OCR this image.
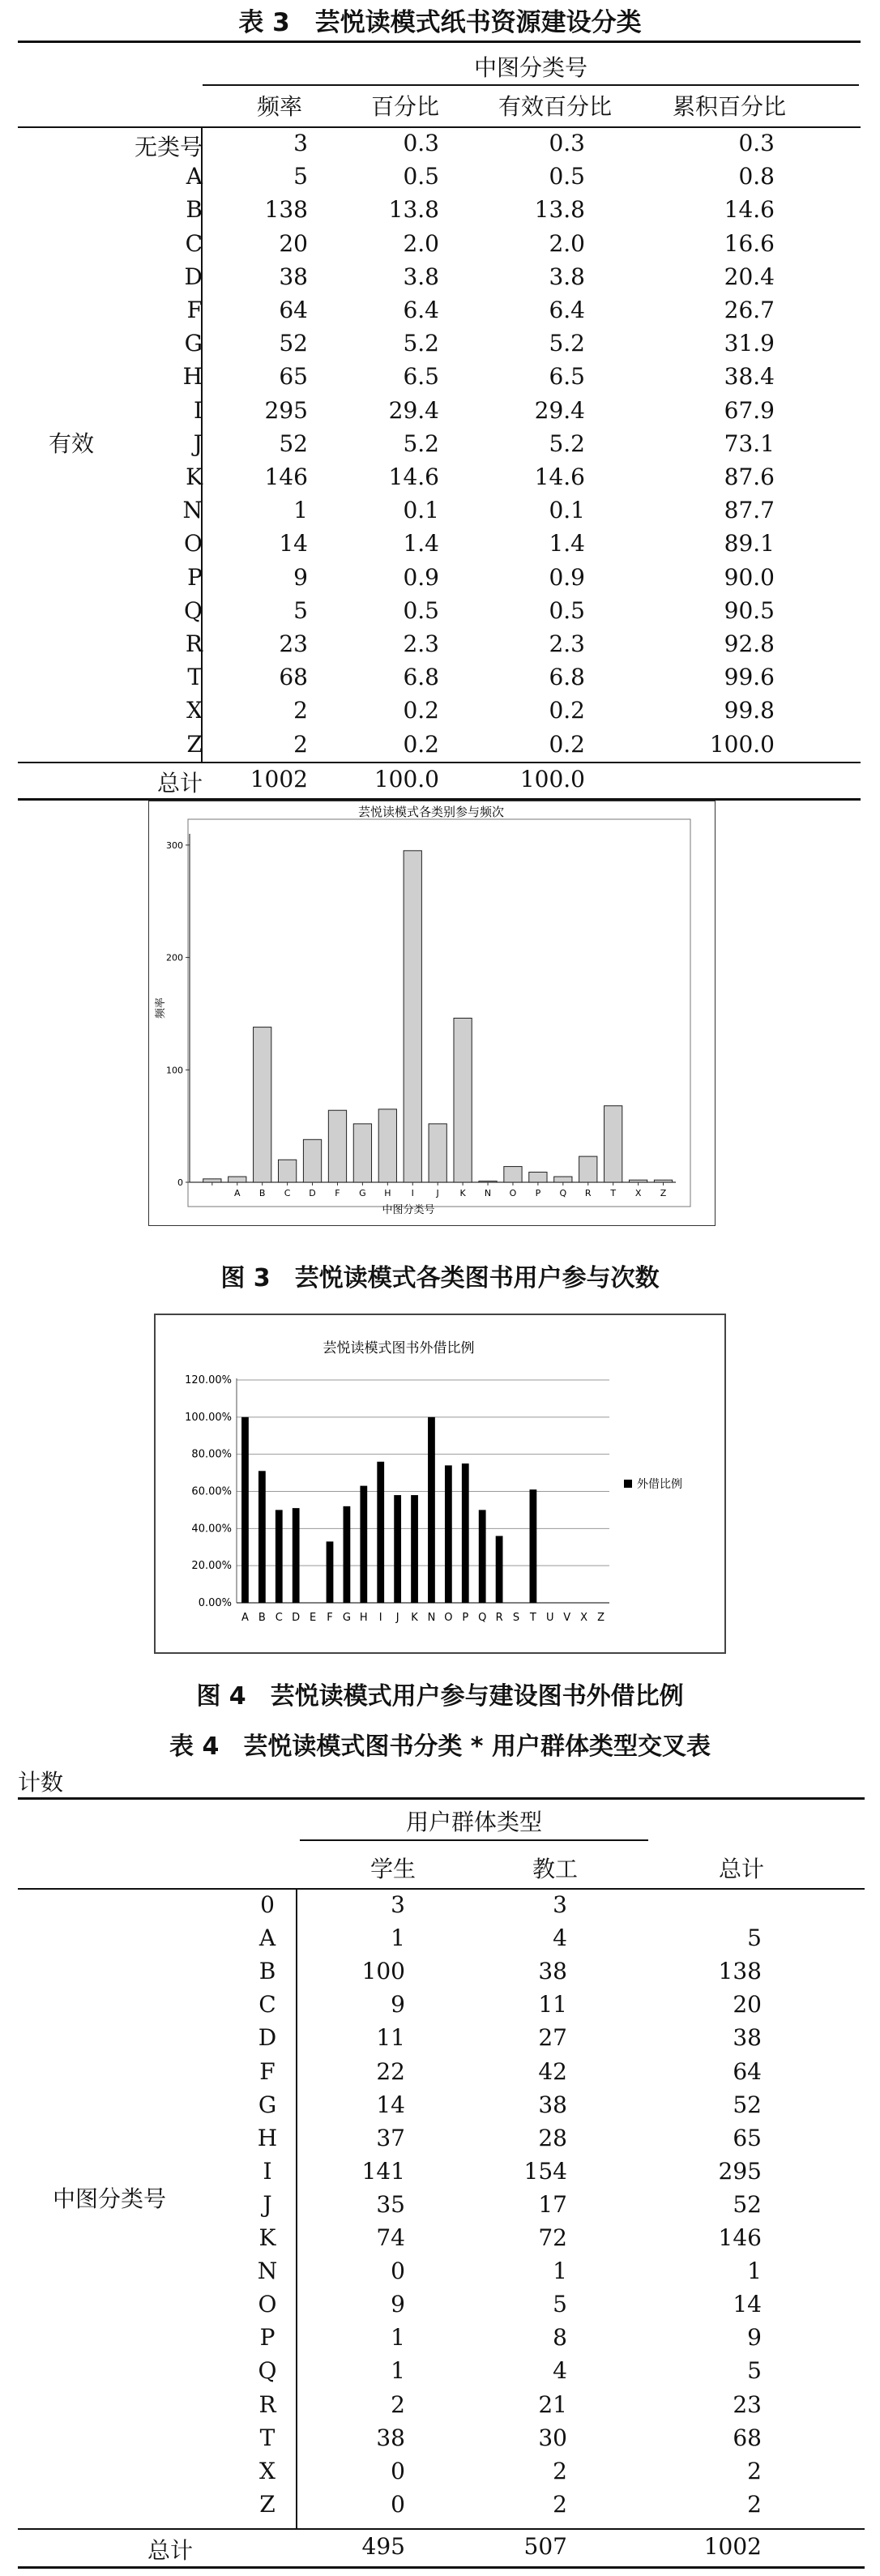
表 3　芸悦读模式纸书资源建设分类
中图分类号
频率	百分比	有效百分比	累积百分比
有效
无类号	3	0.3	0.3	0.3
A	5	0.5	0.5	0.8
B	138	13.8	13.8	14.6
C	20	2.0	2.0	16.6
D	38	3.8	3.8	20.4
F	64	6.4	6.4	26.7
G	52	5.2	5.2	31.9
H	65	6.5	6.5	38.4
I	295	29.4	29.4	67.9
J	52	5.2	5.2	73.1
K	146	14.6	14.6	87.6
N	1	0.1	0.1	87.7
O	14	1.4	1.4	89.1
P	9	0.9	0.9	90.0
Q	5	0.5	0.5	90.5
R	23	2.3	2.3	92.8
T	68	6.8	6.8	99.6
X	2	0.2	0.2	99.8
Z	2	0.2	0.2	100.0
总计	1002	100.0	100.0
芸悦读模式各类别参与频次
0
100
200
300
频率
A B C D F G H I	J K N O P Q R T X Z
中图分类号
图 3　芸悦读模式各类图书用户参与次数
芸悦读模式图书外借比例
0.00%
20.00%
40.00%
60.00%
80.00%
100.00%
120.00%
A B C D E F G H I J K N O P Q R S T U V X Z
外借比例
图 4　芸悦读模式用户参与建设图书外借比例
表 4　芸悦读模式图书分类 * 用户群体类型交叉表
计数
用户群体类型
学生	教工	总计
中图分类号
0	3	3
A	1	4	5
B	100	38	138
C	9	11	20
D	11	27	38
F	22	42	64
G	14	38	52
H	37	28	65
I	141	154	295
J	35	17	52
K	74	72	146
N	0	1	1
O	9	5	14
P	1	8	9
Q	1	4	5
R	2	21	23
T	38	30	68
X	0	2	2
Z	0	2	2
总计	495	507	1002
